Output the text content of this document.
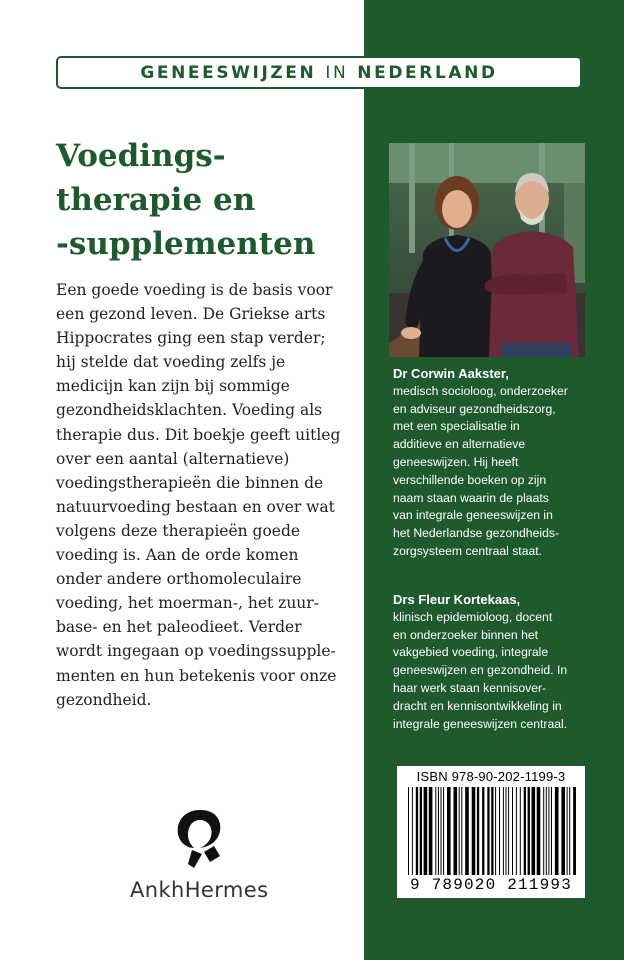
GENEESWIJZEN IN NEDERLAND
Voedings-
therapie en
-supplementen
Een goede voeding is de basis voor
een gezond leven. De Griekse arts
Hippocrates ging een stap verder;
hij stelde dat voeding zelfs je
medicijn kan zijn bij sommige
gezondheidsklachten. Voeding als
therapie dus. Dit boekje geeft uitleg
over een aantal (alternatieve)
voedingstherapieën die binnen de
natuurvoeding bestaan en over wat
volgens deze therapieën goede
voeding is. Aan de orde komen
onder andere orthomoleculaire
voeding, het moerman-, het zuur-
base- en het paleodieet. Verder
wordt ingegaan op voedingssupple-
menten en hun betekenis voor onze
gezondheid.
Dr Corwin Aakster,
medisch socioloog, onderzoeker
en adviseur gezondheidszorg,
met een specialisatie in
additieve en alternatieve
geneeswijzen. Hij heeft
verschillende boeken op zijn
naam staan waarin de plaats
van integrale geneeswijzen in
het Nederlandse gezondheids-
zorgsysteem centraal staat.
Drs Fleur Kortekaas,
klinisch epidemioloog, docent
en onderzoeker binnen het
vakgebied voeding, integrale
geneeswijzen en gezondheid. In
haar werk staan kennisover-
dracht en kennisontwikkeling in
integrale geneeswijzen centraal.
ISBN 978-90-202-1199-3
9 789020 211993
AnkhHermes
